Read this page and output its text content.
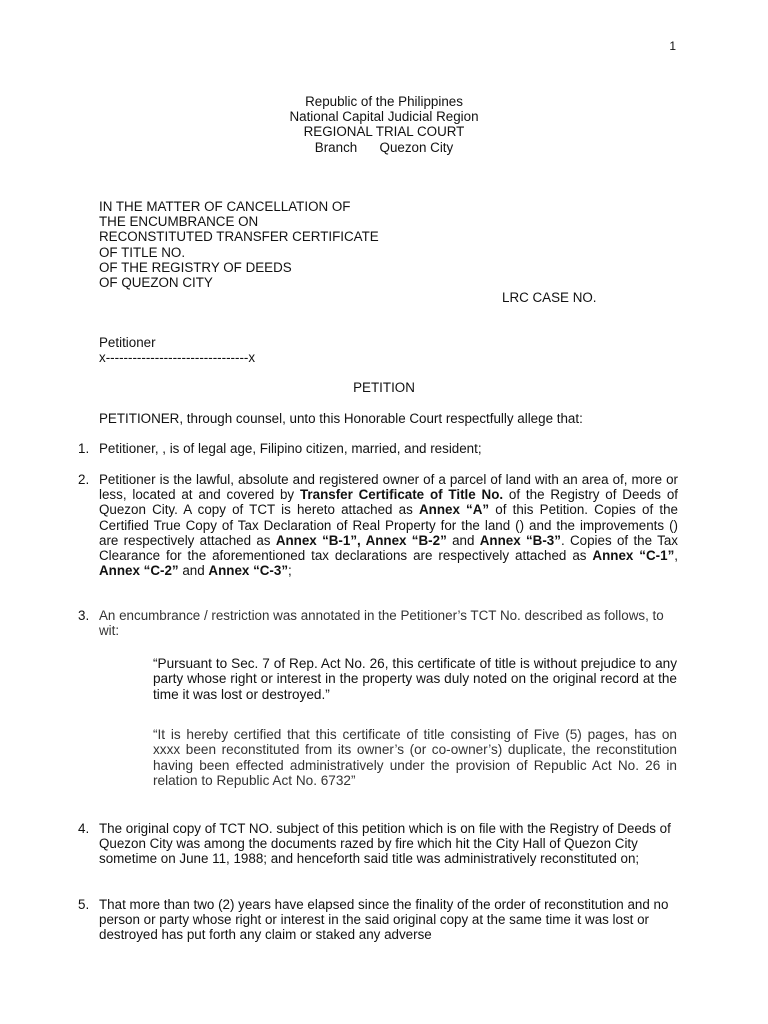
1
Republic of the Philippines
National Capital Judicial Region
REGIONAL TRIAL COURT
Branch      Quezon City
IN THE MATTER OF CANCELLATION OF
THE ENCUMBRANCE ON
RECONSTITUTED TRANSFER CERTIFICATE
OF TITLE NO.
OF THE REGISTRY OF DEEDS
OF QUEZON CITY
LRC CASE NO.
Petitioner
x--------------------------------x
PETITION
PETITIONER, through counsel, unto this Honorable Court respectfully allege that:
1. Petitioner, , is of legal age, Filipino citizen, married, and resident;
2. Petitioner is the lawful, absolute and registered owner of a parcel of land with an area of, more or less, located at and covered by Transfer Certificate of Title No. of the Registry of Deeds of Quezon City. A copy of TCT is hereto attached as Annex “A” of this Petition. Copies of the Certified True Copy of Tax Declaration of Real Property for the land () and the improvements () are respectively attached as Annex “B-1”, Annex “B-2” and Annex “B-3”. Copies of the Tax Clearance for the aforementioned tax declarations are respectively attached as Annex “C-1”, Annex “C-2” and Annex “C-3”;
3. An encumbrance / restriction was annotated in the Petitioner’s TCT No. described as follows, to wit:
“Pursuant to Sec. 7 of Rep. Act No. 26, this certificate of title is without prejudice to any party whose right or interest in the property was duly noted on the original record at the time it was lost or destroyed.”
“It is hereby certified that this certificate of title consisting of Five (5) pages, has on xxxx been reconstituted from its owner’s (or co-owner’s) duplicate, the reconstitution having been effected administratively under the provision of Republic Act No. 26 in relation to Republic Act No. 6732”
4. The original copy of TCT NO. subject of this petition which is on file with the Registry of Deeds of Quezon City was among the documents razed by fire which hit the City Hall of Quezon City sometime on June 11, 1988; and henceforth said title was administratively reconstituted on;
5. That more than two (2) years have elapsed since the finality of the order of reconstitution and no person or party whose right or interest in the said original copy at the same time it was lost or destroyed has put forth any claim or staked any adverse
